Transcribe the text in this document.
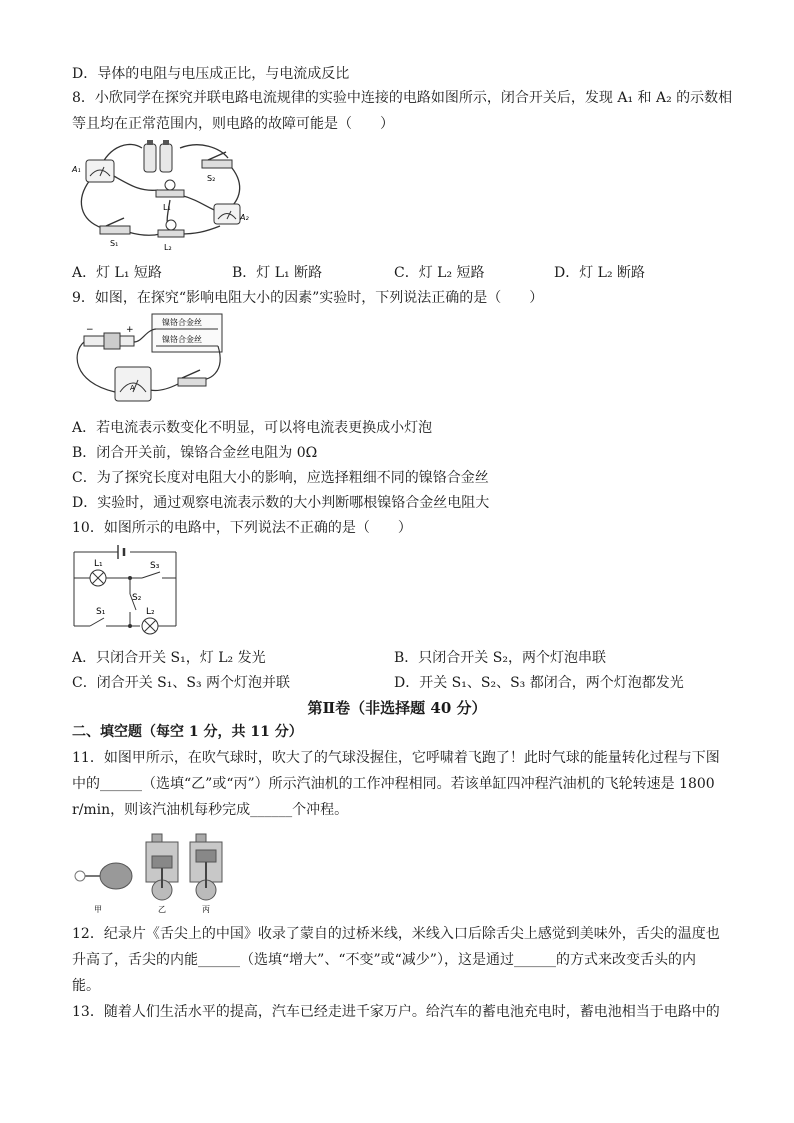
D．导体的电阻与电压成正比，与电流成反比
8．小欣同学在探究并联电路电流规律的实验中连接的电路如图所示，闭合开关后，发现 A₁ 和 A₂ 的示数相
等且均在正常范围内，则电路的故障可能是（　　）
A₁
A₂
S₂
L₁
S₁	L₂
A．灯 L₁ 短路	B．灯 L₁ 断路	C．灯 L₂ 短路	D．灯 L₂ 断路
9．如图，在探究“影响电阻大小的因素”实验时，下列说法正确的是（　　）
镍铬合金丝
镍铬合金丝
−	+
A
A．若电流表示数变化不明显，可以将电流表更换成小灯泡
B．闭合开关前，镍铬合金丝电阻为 0Ω
C．为了探究长度对电阻大小的影响，应选择粗细不同的镍铬合金丝
D．实验时，通过观察电流表示数的大小判断哪根镍铬合金丝电阻大
10．如图所示的电路中，下列说法不正确的是（　　）
L₁	S₃
S₂
S₁	L₂
A．只闭合开关 S₁，灯 L₂ 发光	B．只闭合开关 S₂，两个灯泡串联
C．闭合开关 S₁、S₃ 两个灯泡并联	D．开关 S₁、S₂、S₃ 都闭合，两个灯泡都发光
第Ⅱ卷（非选择题 40 分）
二、填空题（每空 1 分，共 11 分）
11．如图甲所示，在吹气球时，吹大了的气球没握住，它呼啸着飞跑了！此时气球的能量转化过程与下图
中的______（选填“乙”或“丙”）所示汽油机的工作冲程相同。若该单缸四冲程汽油机的飞轮转速是 1800
r/min，则该汽油机每秒完成______个冲程。
甲	乙	丙
12．纪录片《舌尖上的中国》收录了蒙自的过桥米线，米线入口后除舌尖上感觉到美味外，舌尖的温度也
升高了，舌尖的内能______（选填“增大”、“不变”或“减少”），这是通过______的方式来改变舌头的内
能。
13．随着人们生活水平的提高，汽车已经走进千家万户。给汽车的蓄电池充电时，蓄电池相当于电路中的
